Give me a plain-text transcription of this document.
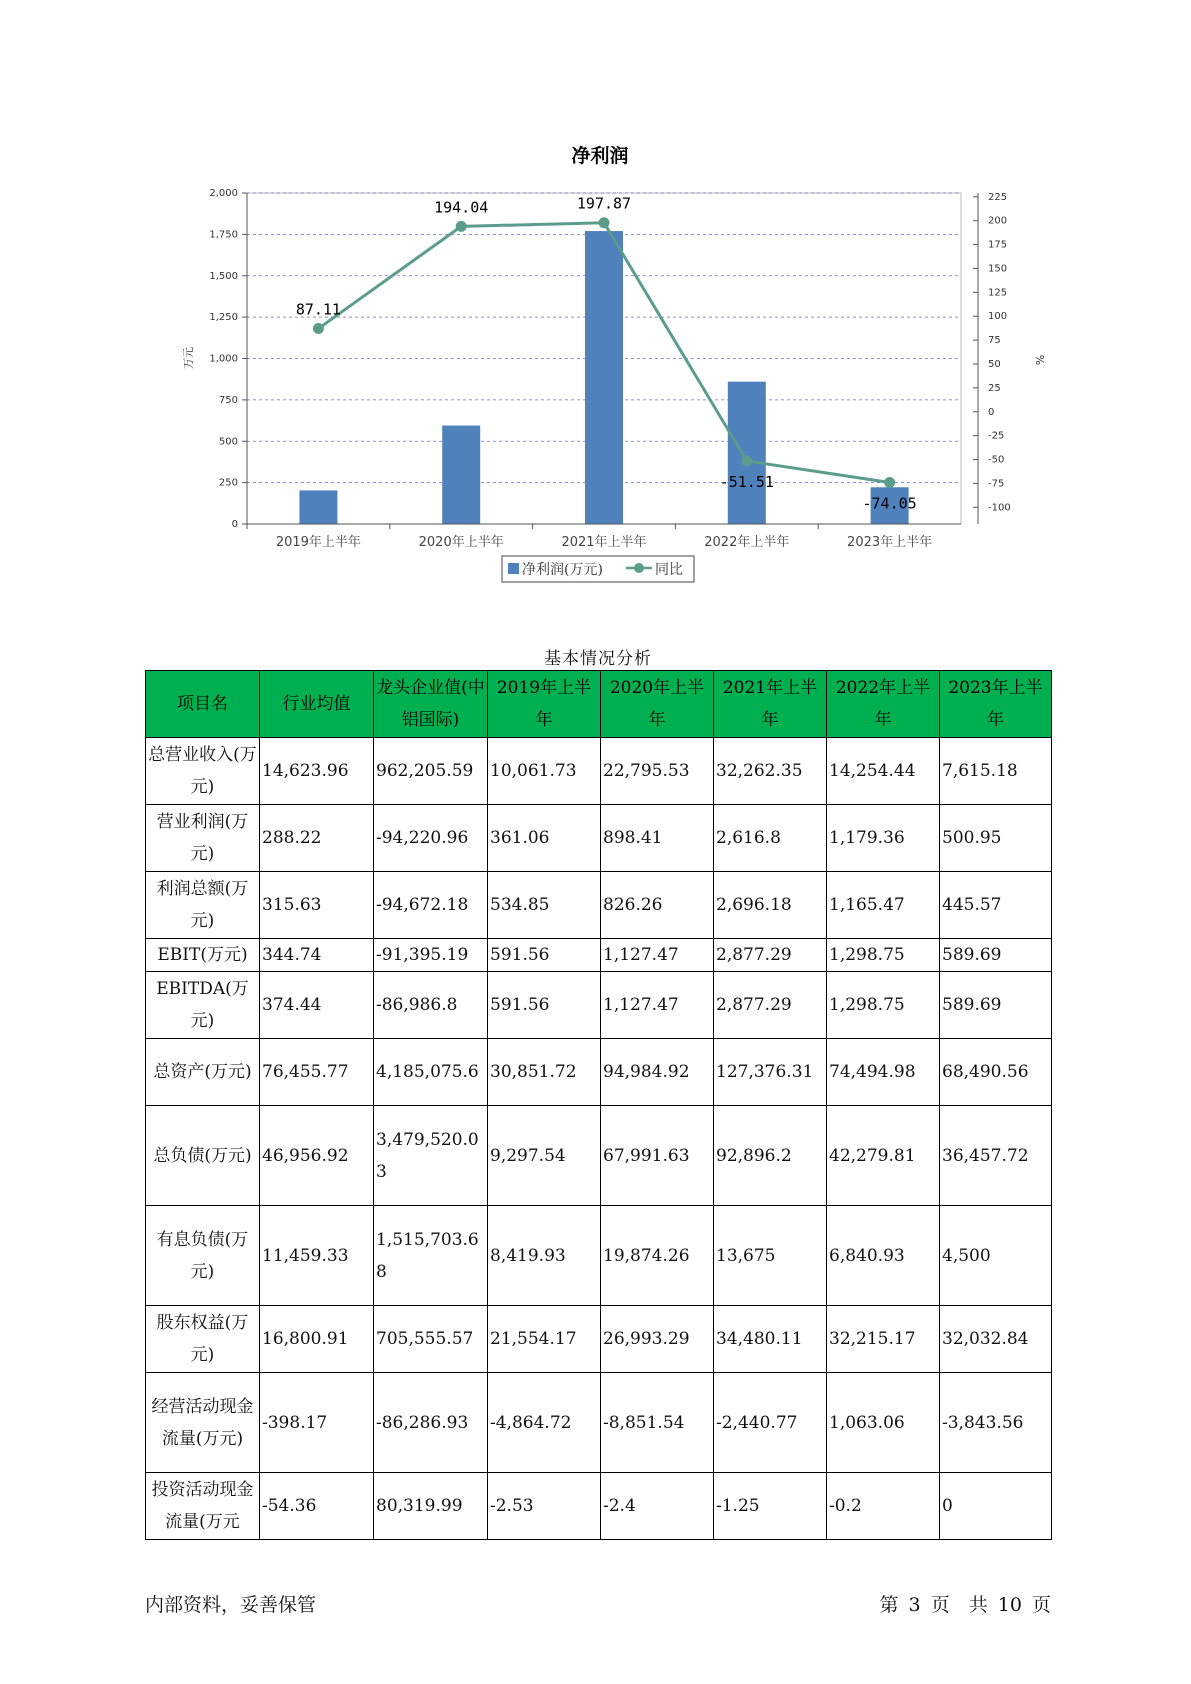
净利润
0
250
500
750
1,000
1,250
1,500
1,750
2,000
万元
-100
-75
-50
-25
0
25
50
75
100
125
150
175
200
225
%
2019年上半年	2020年上半年	2021年上半年	2022年上半年	2023年上半年
87.11
194.04	197.87
-51.51
-74.05
净利润(万元)	同比
基本情况分析
项目名	行业均值	龙头企业值(中铝国际)	2019年上半年	2020年上半年	2021年上半年	2022年上半年	2023年上半年
总营业收入(万元)	14,623.96	962,205.59	10,061.73	22,795.53	32,262.35	14,254.44	7,615.18
营业利润(万元)	288.22	-94,220.96	361.06	898.41	2,616.8	1,179.36	500.95
利润总额(万元)	315.63	-94,672.18	534.85	826.26	2,696.18	1,165.47	445.57
EBIT(万元)	344.74	-91,395.19	591.56	1,127.47	2,877.29	1,298.75	589.69
EBITDA(万元)	374.44	-86,986.8	591.56	1,127.47	2,877.29	1,298.75	589.69
总资产(万元)	76,455.77	4,185,075.6	30,851.72	94,984.92	127,376.31	74,494.98	68,490.56
总负债(万元)	46,956.92	3,479,520.03	9,297.54	67,991.63	92,896.2	42,279.81	36,457.72
有息负债(万元)	11,459.33	1,515,703.68	8,419.93	19,874.26	13,675	6,840.93	4,500
股东权益(万元)	16,800.91	705,555.57	21,554.17	26,993.29	34,480.11	32,215.17	32,032.84
经营活动现金流量(万元)	-398.17	-86,286.93	-4,864.72	-8,851.54	-2,440.77	1,063.06	-3,843.56
投资活动现金流量(万元	-54.36	80,319.99	-2.53	-2.4	-1.25	-0.2	0
内部资料，妥善保管	第 3 页　共 10 页
